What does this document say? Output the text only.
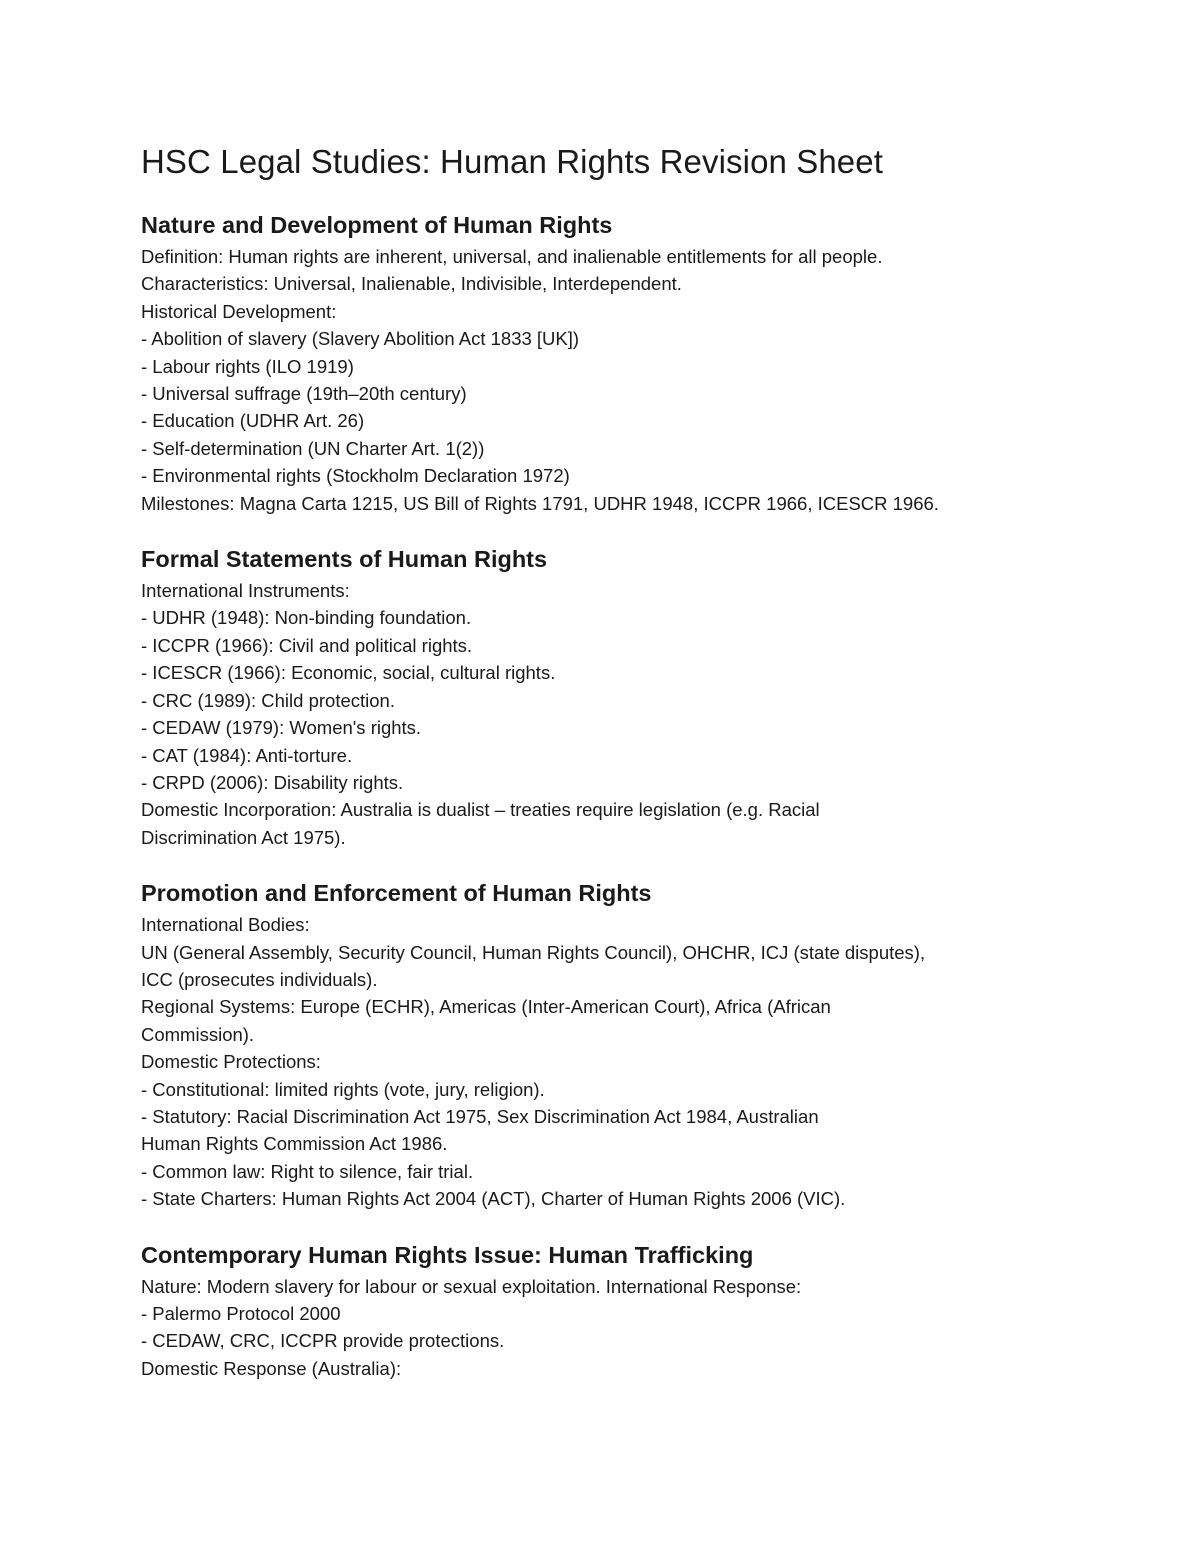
HSC Legal Studies: Human Rights Revision Sheet
Nature and Development of Human Rights

Definition: Human rights are inherent, universal, and inalienable entitlements for all people.

Characteristics: Universal, Inalienable, Indivisible, Interdependent.

Historical Development:

- Abolition of slavery (Slavery Abolition Act 1833 [UK])

- Labour rights (ILO 1919)

- Universal suffrage (19th–20th century)

- Education (UDHR Art. 26)

- Self-determination (UN Charter Art. 1(2))

- Environmental rights (Stockholm Declaration 1972)

Milestones: Magna Carta 1215, US Bill of Rights 1791, UDHR 1948, ICCPR 1966, ICESCR 1966.

Formal Statements of Human Rights

International Instruments:

- UDHR (1948): Non-binding foundation.

- ICCPR (1966): Civil and political rights.

- ICESCR (1966): Economic, social, cultural rights.

- CRC (1989): Child protection.

- CEDAW (1979): Women's rights.

- CAT (1984): Anti-torture.

- CRPD (2006): Disability rights.

Domestic Incorporation: Australia is dualist – treaties require legislation (e.g. Racial

Discrimination Act 1975).

Promotion and Enforcement of Human Rights

International Bodies:

UN (General Assembly, Security Council, Human Rights Council), OHCHR, ICJ (state disputes),

ICC (prosecutes individuals).

Regional Systems: Europe (ECHR), Americas (Inter-American Court), Africa (African

Commission).

Domestic Protections:

- Constitutional: limited rights (vote, jury, religion).

- Statutory: Racial Discrimination Act 1975, Sex Discrimination Act 1984, Australian

Human Rights Commission Act 1986.

- Common law: Right to silence, fair trial.

- State Charters: Human Rights Act 2004 (ACT), Charter of Human Rights 2006 (VIC).

Contemporary Human Rights Issue: Human Trafficking

Nature: Modern slavery for labour or sexual exploitation. International Response:

- Palermo Protocol 2000

- CEDAW, CRC, ICCPR provide protections.

Domestic Response (Australia):
